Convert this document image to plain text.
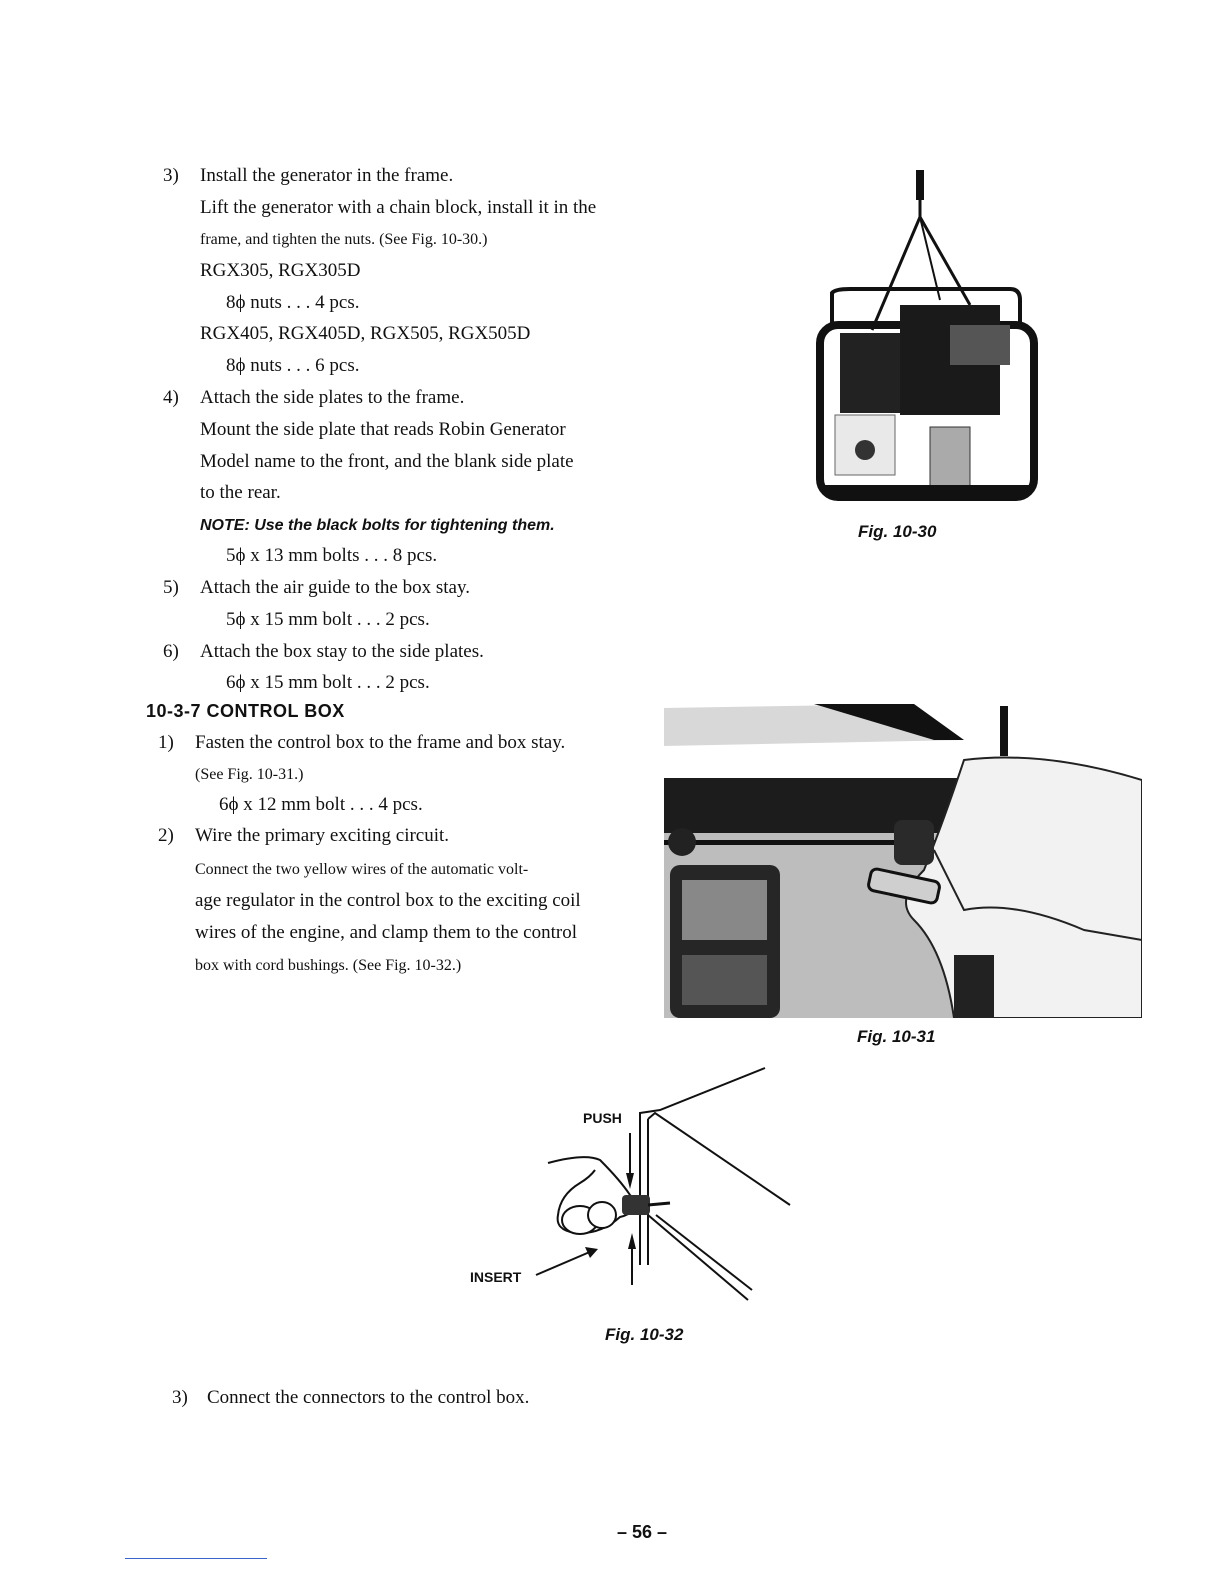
3) Install the generator in the frame.
Lift the generator with a chain block, install it in the
frame, and tighten the nuts. (See Fig. 10-30.)
RGX305, RGX305D
8ϕ nuts . . . 4 pcs.
RGX405, RGX405D, RGX505, RGX505D
8ϕ nuts . . . 6 pcs.
4) Attach the side plates to the frame.
Mount the side plate that reads Robin Generator
Model name to the front, and the blank side plate
to the rear.
NOTE: Use the black bolts for tightening them.
5ϕ x 13 mm bolts . . . 8 pcs.
5) Attach the air guide to the box stay.
5ϕ x 15 mm bolt . . . 2 pcs.
6) Attach the box stay to the side plates.
6ϕ x 15 mm bolt . . . 2 pcs.
10-3-7 CONTROL BOX
1) Fasten the control box to the frame and box stay.
(See Fig. 10-31.)
6ϕ x 12 mm bolt . . . 4 pcs.
2) Wire the primary exciting circuit.
Connect the two yellow wires of the automatic volt-
age regulator in the control box to the exciting coil
wires of the engine, and clamp them to the control
box with cord bushings. (See Fig. 10-32.)
Fig. 10-30
Fig. 10-31
PUSH
INSERT
Fig. 10-32
3) Connect the connectors to the control box.
– 56 –
